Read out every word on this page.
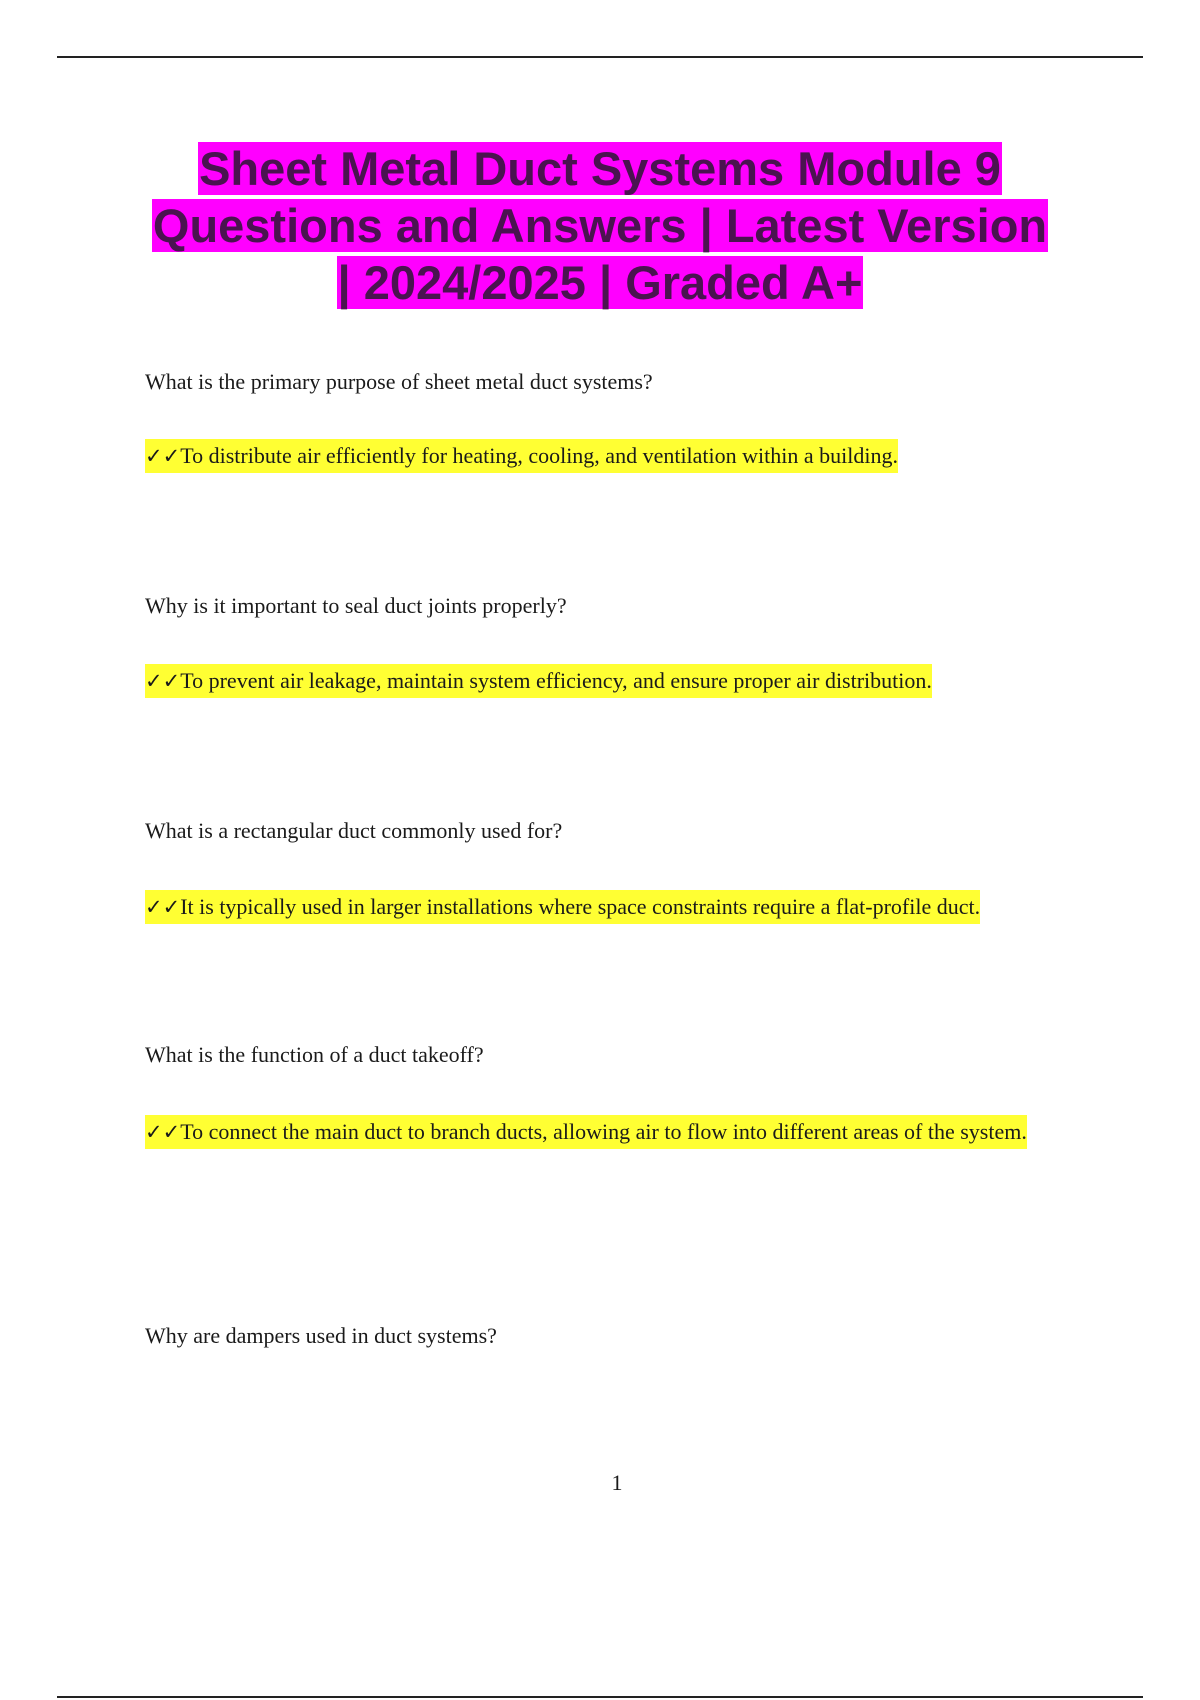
Sheet Metal Duct Systems Module 9
Questions and Answers | Latest Version
| 2024/2025 | Graded A+

What is the primary purpose of sheet metal duct systems?

✓✓To distribute air efficiently for heating, cooling, and ventilation within a building.

Why is it important to seal duct joints properly?

✓✓To prevent air leakage, maintain system efficiency, and ensure proper air distribution.

What is a rectangular duct commonly used for?

✓✓It is typically used in larger installations where space constraints require a flat-profile duct.

What is the function of a duct takeoff?

✓✓To connect the main duct to branch ducts, allowing air to flow into different areas of the system.

Why are dampers used in duct systems?

1
